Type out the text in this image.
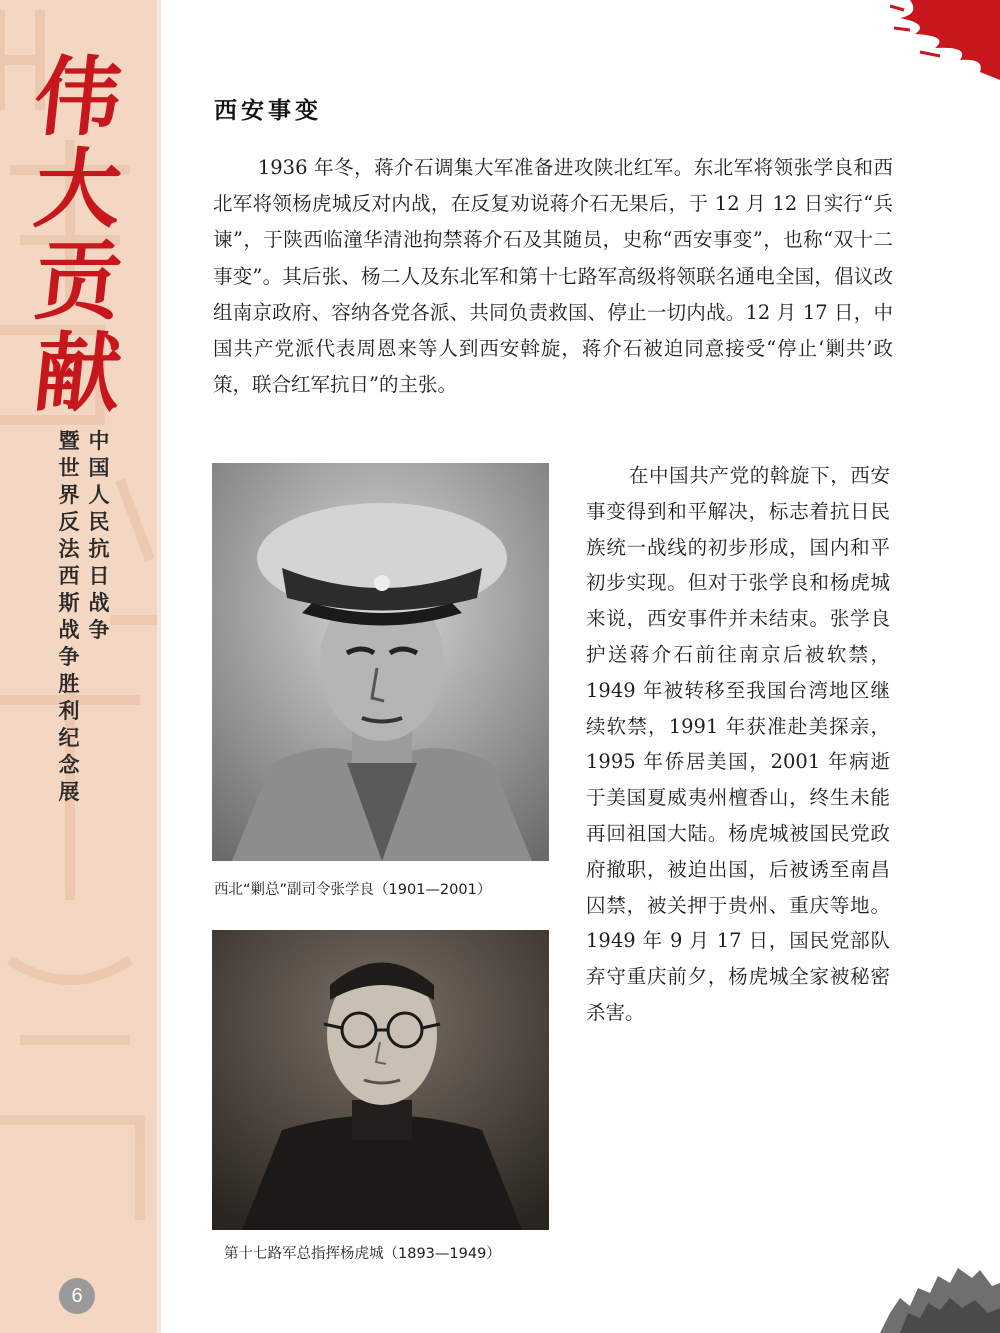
伟
大
贡
献
中国人民抗日战争
暨世界反法西斯战争胜利纪念展
6
西安事变

1936 年冬，蒋介石调集大军准备进攻陕北红军。东北军将领张学良和西北军将领杨虎城反对内战，在反复劝说蒋介石无果后，于 12 月 12 日实行“兵谏”，于陕西临潼华清池拘禁蒋介石及其随员，史称“西安事变”，也称“双十二事变”。其后张、杨二人及东北军和第十七路军高级将领联名通电全国，倡议改组南京政府、容纳各党各派、共同负责救国、停止一切内战。12 月 17 日，中国共产党派代表周恩来等人到西安斡旋，蒋介石被迫同意接受“停止‘剿共’政策，联合红军抗日”的主张。

西北“剿总”副司令张学良（1901—2001）
第十七路军总指挥杨虎城（1893—1949）

在中国共产党的斡旋下，西安事变得到和平解决，标志着抗日民族统一战线的初步形成，国内和平初步实现。但对于张学良和杨虎城来说，西安事件并未结束。张学良护送蒋介石前往南京后被软禁，1949 年被转移至我国台湾地区继续软禁，1991 年获准赴美探亲，1995 年侨居美国，2001 年病逝于美国夏威夷州檀香山，终生未能再回祖国大陆。杨虎城被国民党政府撤职，被迫出国，后被诱至南昌囚禁，被关押于贵州、重庆等地。1949 年 9 月 17 日，国民党部队弃守重庆前夕，杨虎城全家被秘密杀害。
